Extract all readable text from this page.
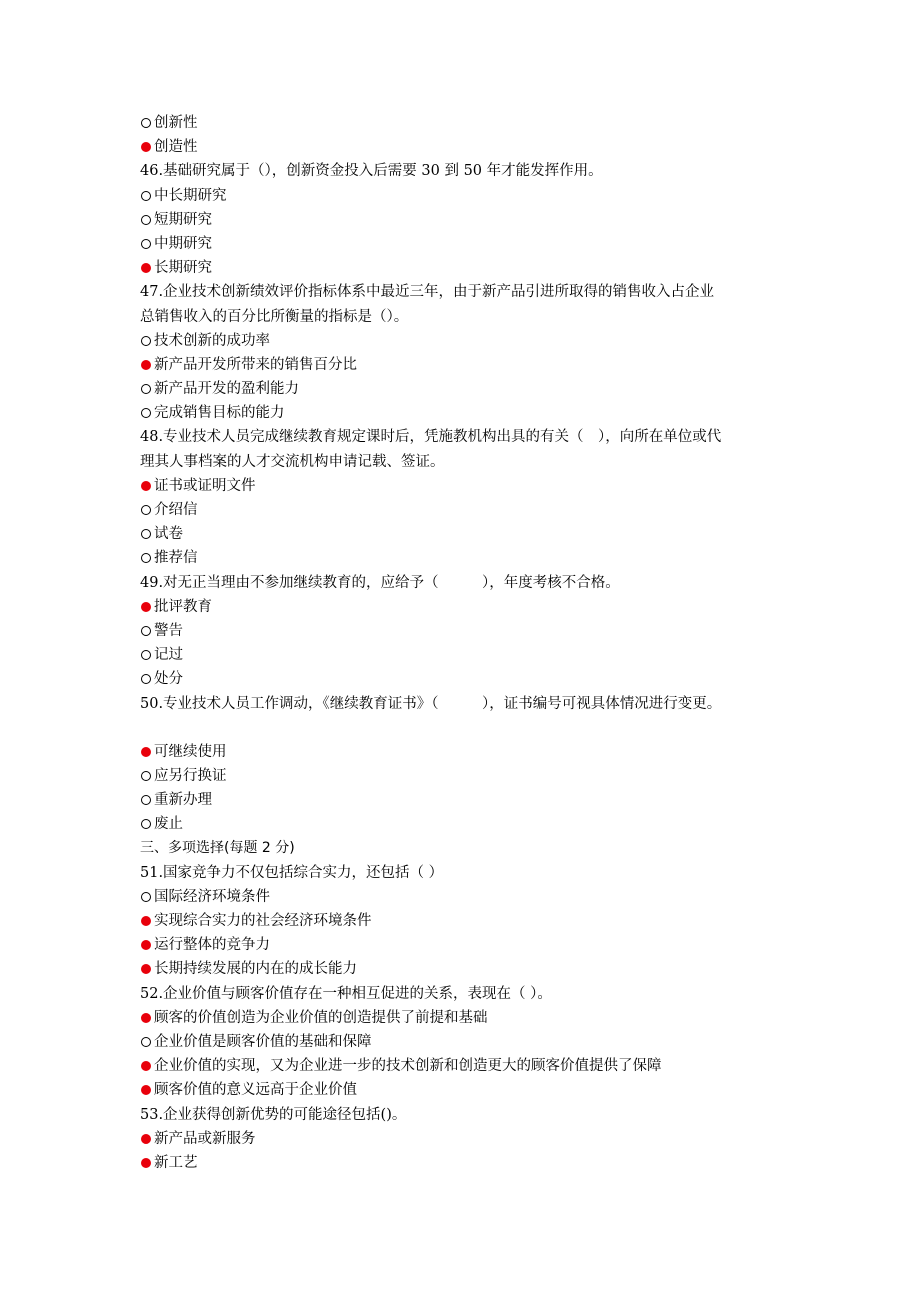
创新性
创造性
46.基础研究属于（），创新资金投入后需要 30 到 50 年才能发挥作用。
中长期研究
短期研究
中期研究
长期研究
47.企业技术创新绩效评价指标体系中最近三年，由于新产品引进所取得的销售收入占企业
总销售收入的百分比所衡量的指标是（）。
技术创新的成功率
新产品开发所带来的销售百分比
新产品开发的盈利能力
完成销售目标的能力
48.专业技术人员完成继续教育规定课时后，凭施教机构出具的有关（　），向所在单位或代
理其人事档案的人才交流机构申请记载、签证。
证书或证明文件
介绍信
试卷
推荐信
49.对无正当理由不参加继续教育的，应给予（　　　），年度考核不合格。
批评教育
警告
记过
处分
50.专业技术人员工作调动，《继续教育证书》（　　　），证书编号可视具体情况进行变更。
可继续使用
应另行换证
重新办理
废止
三、多项选择(每题 2 分)
51.国家竞争力不仅包括综合实力，还包括（ ）
国际经济环境条件
实现综合实力的社会经济环境条件
运行整体的竞争力
长期持续发展的内在的成长能力
52.企业价值与顾客价值存在一种相互促进的关系，表现在（ ）。
顾客的价值创造为企业价值的创造提供了前提和基础
企业价值是顾客价值的基础和保障
企业价值的实现，又为企业进一步的技术创新和创造更大的顾客价值提供了保障
顾客价值的意义远高于企业价值
53.企业获得创新优势的可能途径包括()。
新产品或新服务
新工艺
